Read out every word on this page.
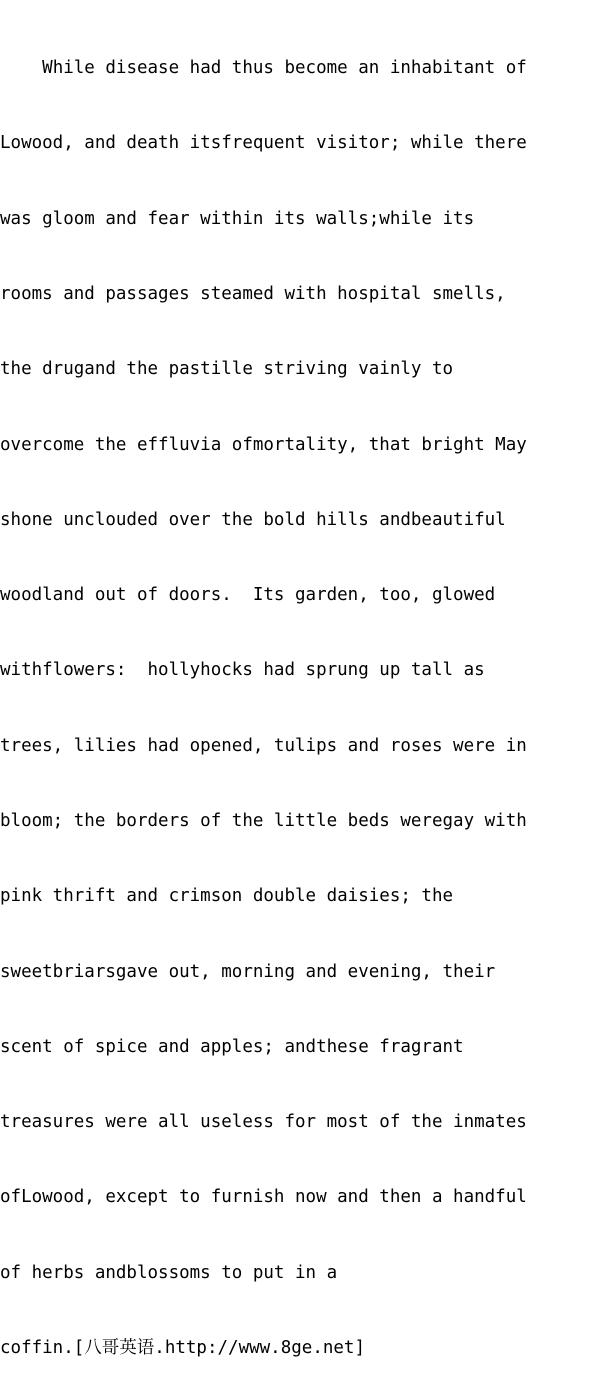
While disease had thus become an inhabitant of

Lowood, and death itsfrequent visitor; while there

was gloom and fear within its walls;while its

rooms and passages steamed with hospital smells,

the drugand the pastille striving vainly to

overcome the effluvia ofmortality, that bright May

shone unclouded over the bold hills andbeautiful

woodland out of doors.  Its garden, too, glowed

withflowers:  hollyhocks had sprung up tall as

trees, lilies had opened, tulips and roses were in

bloom; the borders of the little beds weregay with

pink thrift and crimson double daisies; the

sweetbriarsgave out, morning and evening, their

scent of spice and apples; andthese fragrant

treasures were all useless for most of the inmates

ofLowood, except to furnish now and then a handful

of herbs andblossoms to put in a

coffin.[八哥英语.http://www.8ge.net]
